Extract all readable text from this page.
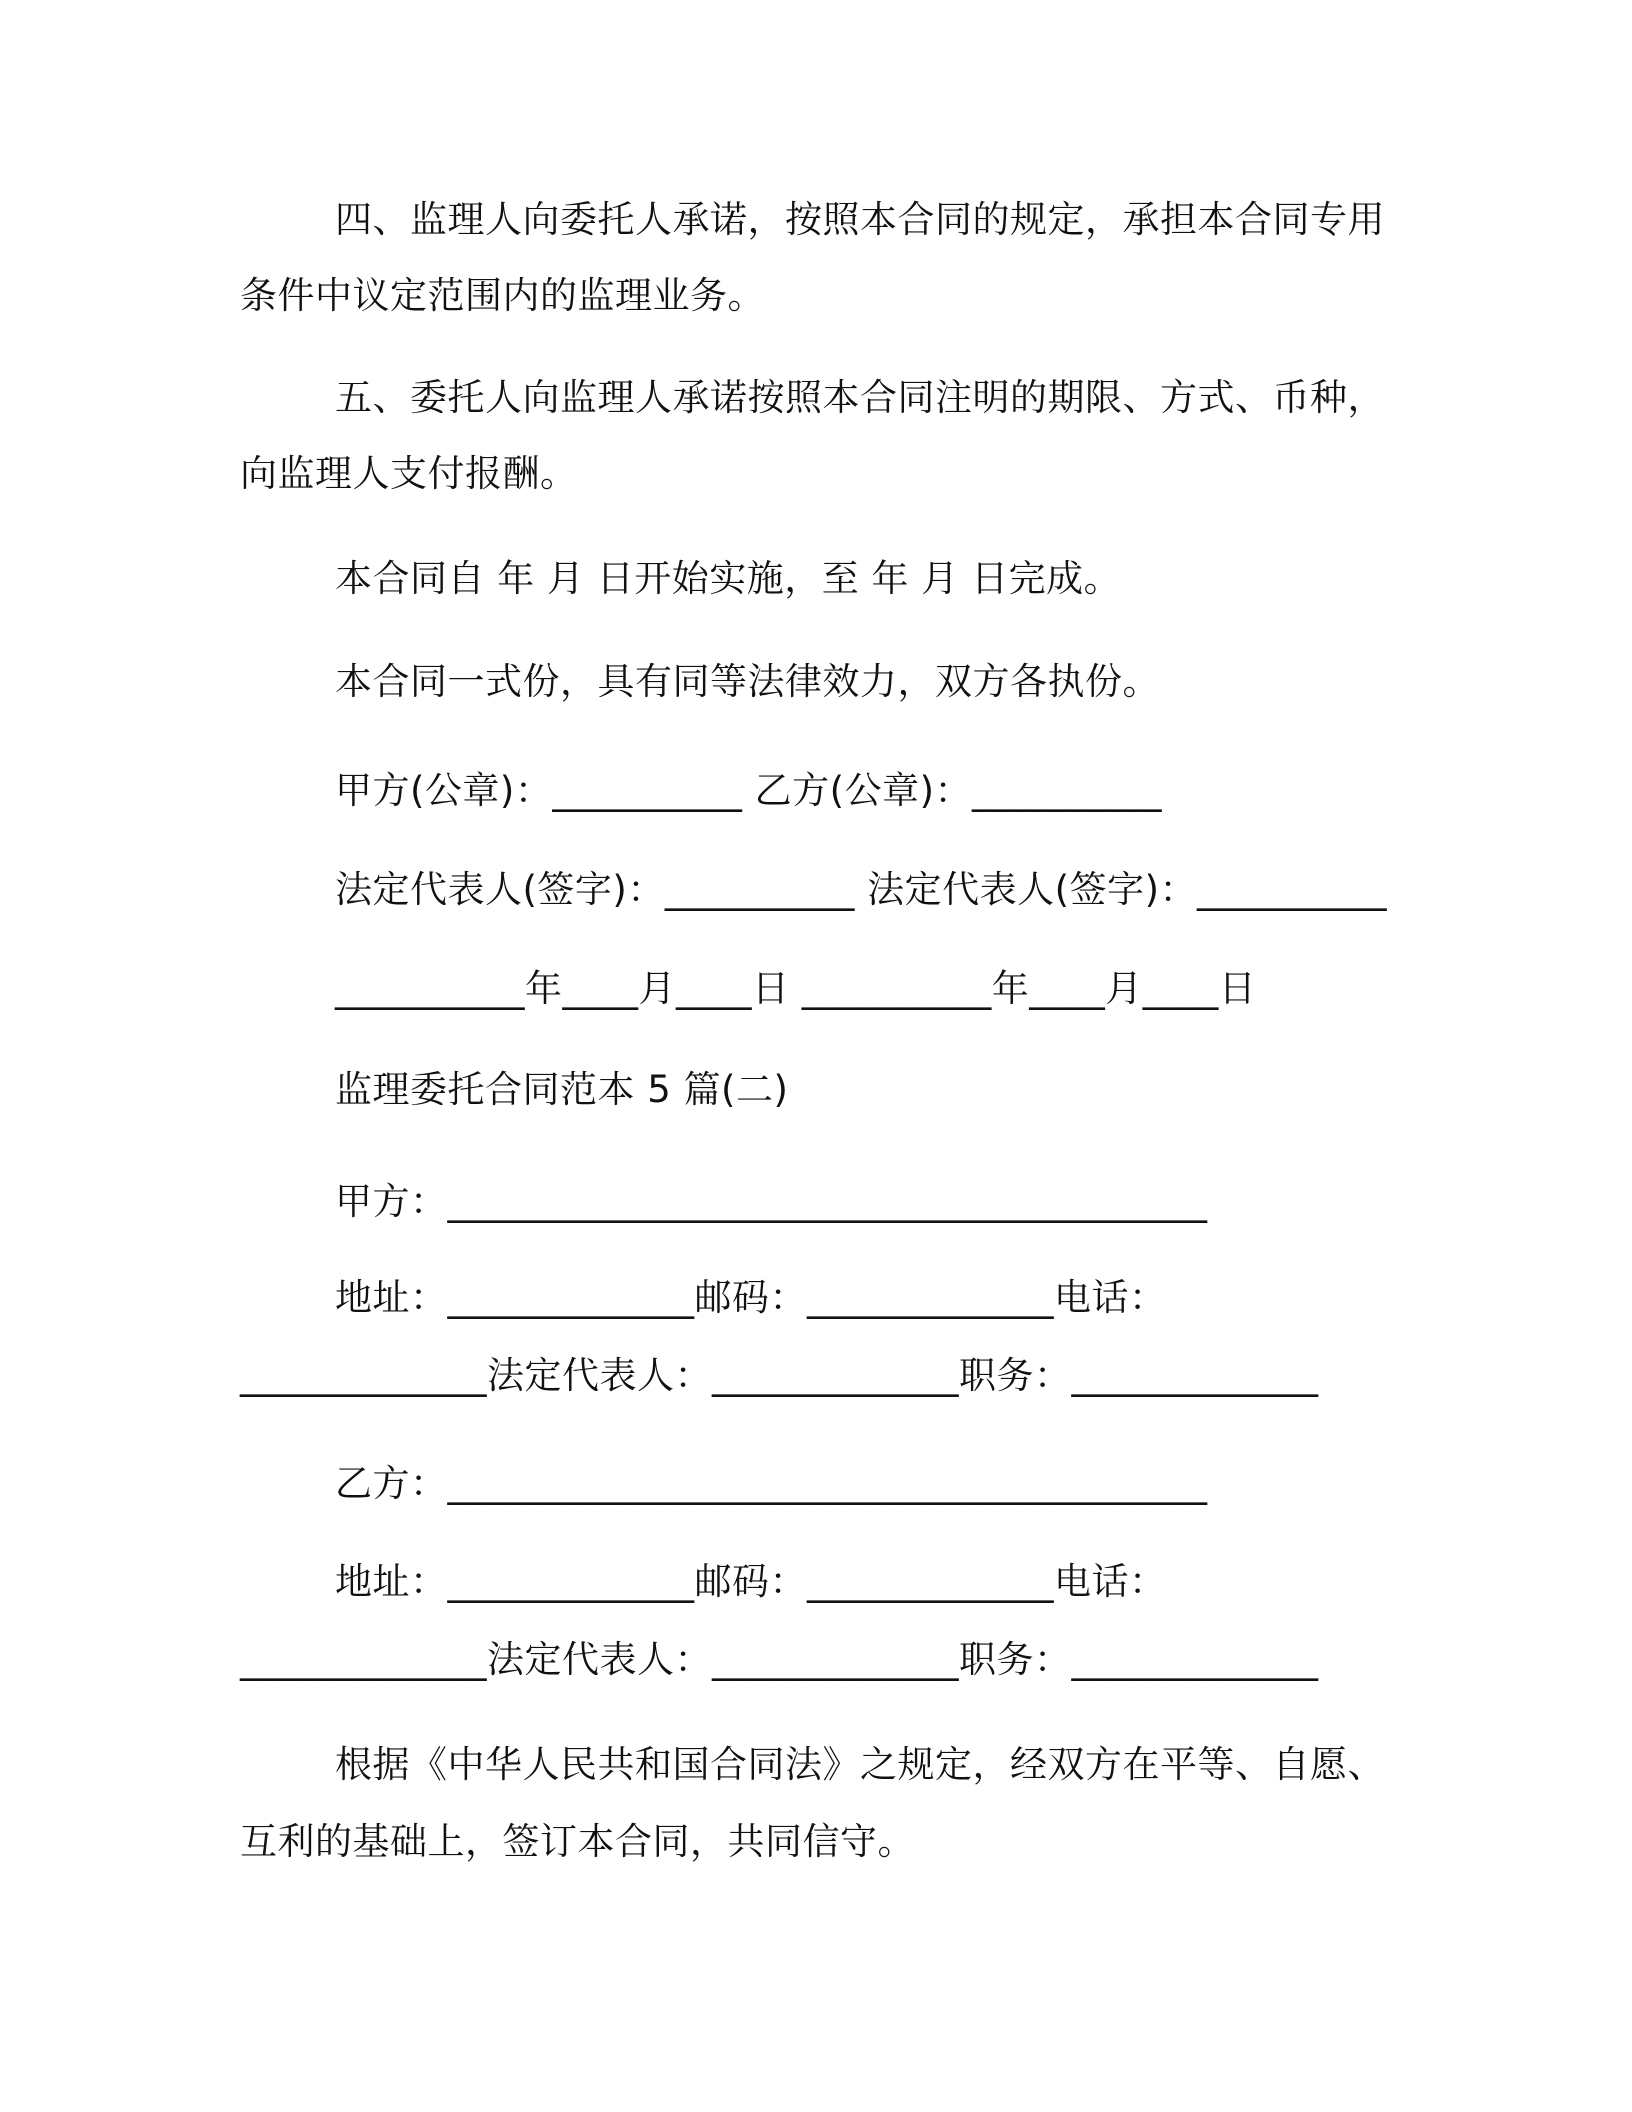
四、监理人向委托人承诺，按照本合同的规定，承担本合同专用
条件中议定范围内的监理业务。
五、委托人向监理人承诺按照本合同注明的期限、方式、币种，
向监理人支付报酬。
本合同自 年 月 日开始实施，至 年 月 日完成。
本合同一式份，具有同等法律效力，双方各执份。
甲方(公章)：__________ 乙方(公章)：__________
法定代表人(签字)：__________ 法定代表人(签字)：__________
__________年____月____日 __________年____月____日
监理委托合同范本 5 篇(二)
甲方：________________________________________
地址：_____________邮码：_____________电话：
_____________法定代表人：_____________职务：_____________
乙方：________________________________________
地址：_____________邮码：_____________电话：
_____________法定代表人：_____________职务：_____________
根据《中华人民共和国合同法》之规定，经双方在平等、自愿、
互利的基础上，签订本合同，共同信守。
